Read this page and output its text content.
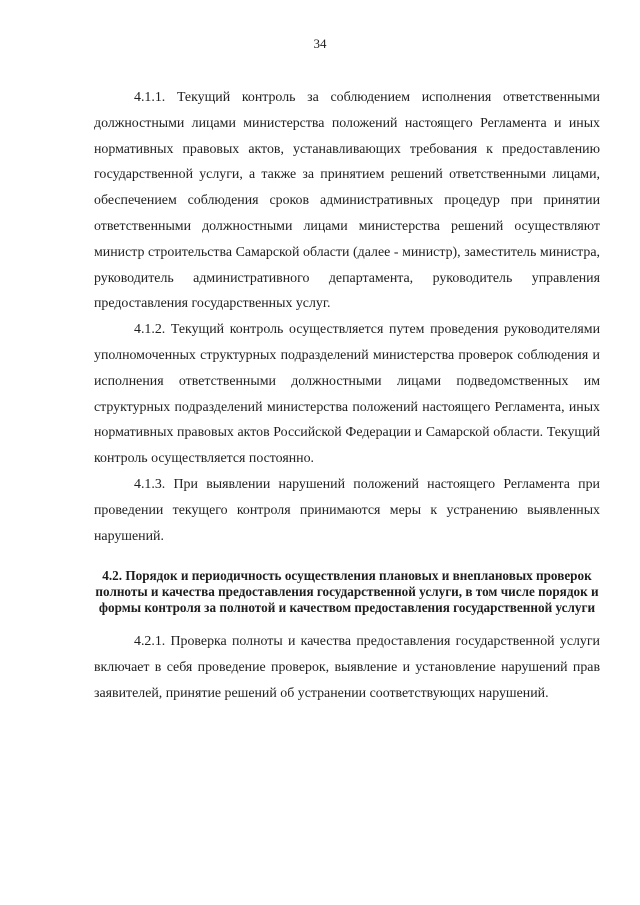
34

4.1.1. Текущий контроль за соблюдением исполнения ответственными должностными лицами министерства положений настоящего Регламента и иных нормативных правовых актов, устанавливающих требования к предоставлению государственной услуги, а также за принятием решений ответственными лицами, обеспечением соблюдения сроков административных процедур при принятии ответственными должностными лицами министерства решений осуществляют министр строительства Самарской области (далее - министр), заместитель министра, руководитель административного департамента, руководитель управления предоставления государственных услуг.

4.1.2. Текущий контроль осуществляется путем проведения руководителями уполномоченных структурных подразделений министерства проверок соблюдения и исполнения ответственными должностными лицами подведомственных им структурных подразделений министерства положений настоящего Регламента, иных нормативных правовых актов Российской Федерации и Самарской области. Текущий контроль осуществляется постоянно.

4.1.3. При выявлении нарушений положений настоящего Регламента при проведении текущего контроля принимаются меры к устранению выявленных нарушений.

4.2. Порядок и периодичность осуществления плановых и внеплановых проверок полноты и качества предоставления государственной услуги, в том числе порядок и формы контроля за полнотой и качеством предоставления государственной услуги

4.2.1. Проверка полноты и качества предоставления государственной услуги включает в себя проведение проверок, выявление и установление нарушений прав заявителей, принятие решений об устранении соответствующих нарушений.
